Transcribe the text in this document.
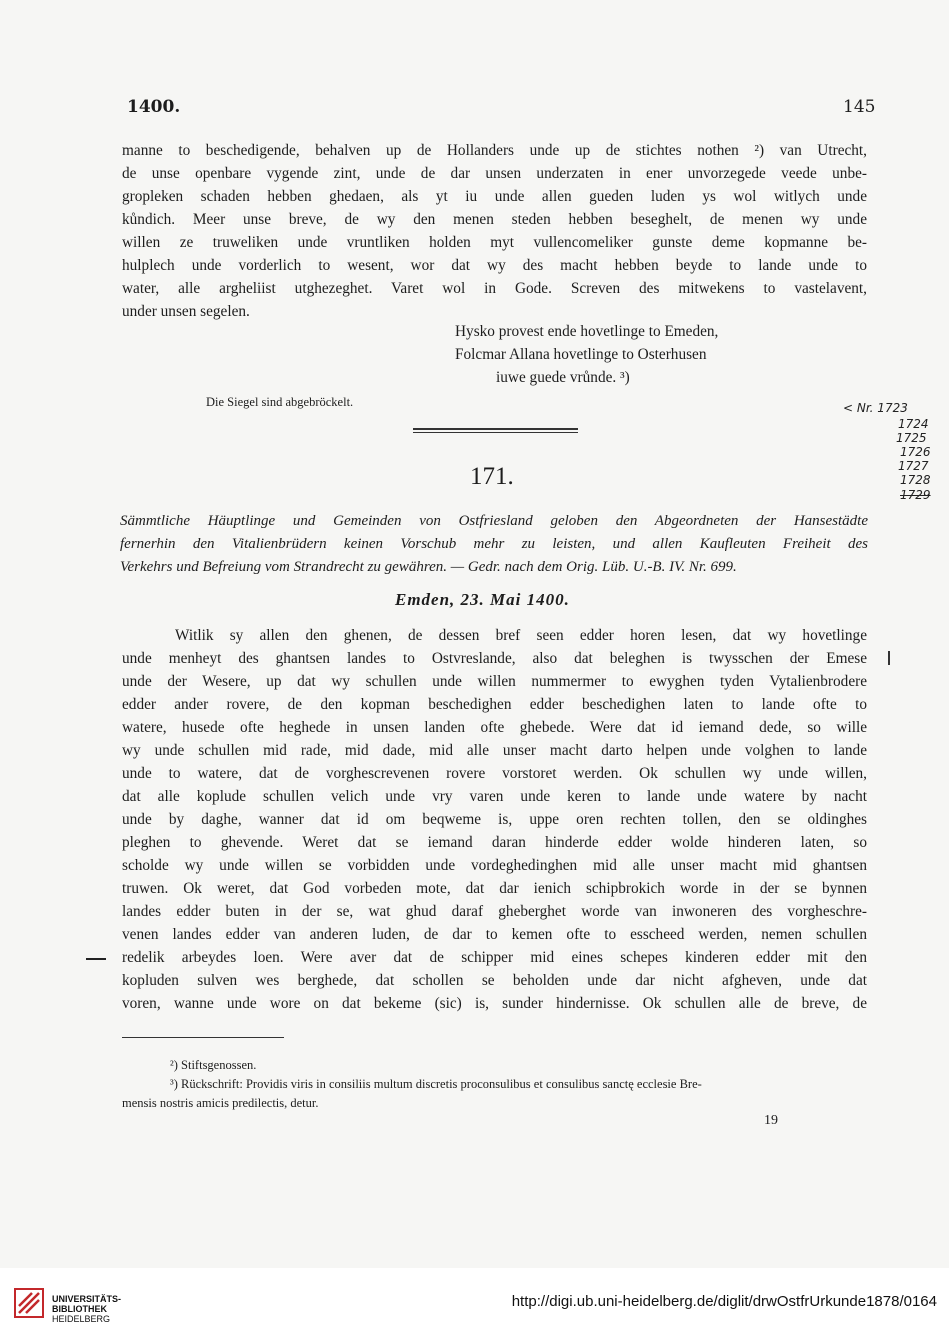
1400.	145
manne to beschedigende, behalven up de Hollanders unde up de stichtes nothen ²) van Utrecht,
de unse openbare vygende zint, unde de dar unsen underzaten in ener unvorzegede veede unbe-
gropleken schaden hebben ghedaen, als yt iu unde allen gueden luden ys wol witlych unde
kůndich. Meer unse breve, de wy den menen steden hebben beseghelt, de menen wy unde
willen ze truweliken unde vruntliken holden myt vullencomeliker gunste deme kopmanne be-
hulplech unde vorderlich to wesent, wor dat wy des macht hebben beyde to lande unde to
water, alle argheliist utghezeghet. Varet wol in Gode. Screven des mitwekens to vastelavent,
under unsen segelen.
Hysko provest ende hovetlinge to Emeden,
Folcmar Allana hovetlinge to Osterhusen
iuwe guede vrůnde. ³)
Die Siegel sind abgebröckelt.	< Nr. 1723
1724
1725
1726
1727
1728
1729
171.
Sämmtliche Häuptlinge und Gemeinden von Ostfriesland geloben den Abgeordneten der Hansestädte
fernerhin den Vitalienbrüdern keinen Vorschub mehr zu leisten, und allen Kaufleuten Freiheit des
Verkehrs und Befreiung vom Strandrecht zu gewähren. — Gedr. nach dem Orig. Lüb. U.-B. IV. Nr. 699.
Emden, 23. Mai 1400.
Witlik sy allen den ghenen, de dessen bref seen edder horen lesen, dat wy hovetlinge
unde menheyt des ghantsen landes to Ostvreslande, also dat beleghen is twysschen der Emese
unde der Wesere, up dat wy schullen unde willen nummermer to ewyghen tyden Vytalienbrodere
edder ander rovere, de den kopman beschedighen edder beschedighen laten to lande ofte to
watere, husede ofte heghede in unsen landen ofte ghebede. Were dat id iemand dede, so wille
wy unde schullen mid rade, mid dade, mid alle unser macht darto helpen unde volghen to lande
unde to watere, dat de vorghescrevenen rovere vorstoret werden. Ok schullen wy unde willen,
dat alle koplude schullen velich unde vry varen unde keren to lande unde watere by nacht
unde by daghe, wanner dat id om beqweme is, uppe oren rechten tollen, den se oldinghes
pleghen to ghevende. Weret dat se iemand daran hinderde edder wolde hinderen laten, so
scholde wy unde willen se vorbidden unde vordeghedinghen mid alle unser macht mid ghantsen
truwen. Ok weret, dat God vorbeden mote, dat dar ienich schipbrokich worde in der se bynnen
landes edder buten in der se, wat ghud daraf gheberghet worde van inwoneren des vorgheschre-
venen landes edder van anderen luden, de dar to kemen ofte to esscheed werden, nemen schullen
redelik arbeydes loen. Were aver dat de schipper mid eines schepes kinderen edder mit den
kopluden sulven wes berghede, dat schollen se beholden unde dar nicht afgheven, unde dat
voren, wanne unde wore on dat bekeme (sic) is, sunder hindernisse. Ok schullen alle de breve, de
²) Stiftsgenossen.
³) Rückschrift: Providis viris in consiliis multum discretis proconsulibus et consulibus sanctę ecclesie Bre-
mensis nostris amicis predilectis, detur.
19
UNIVERSITÄTS-
BIBLIOTHEK
HEIDELBERG
http://digi.ub.uni-heidelberg.de/diglit/drwOstfrUrkunde1878/0164
